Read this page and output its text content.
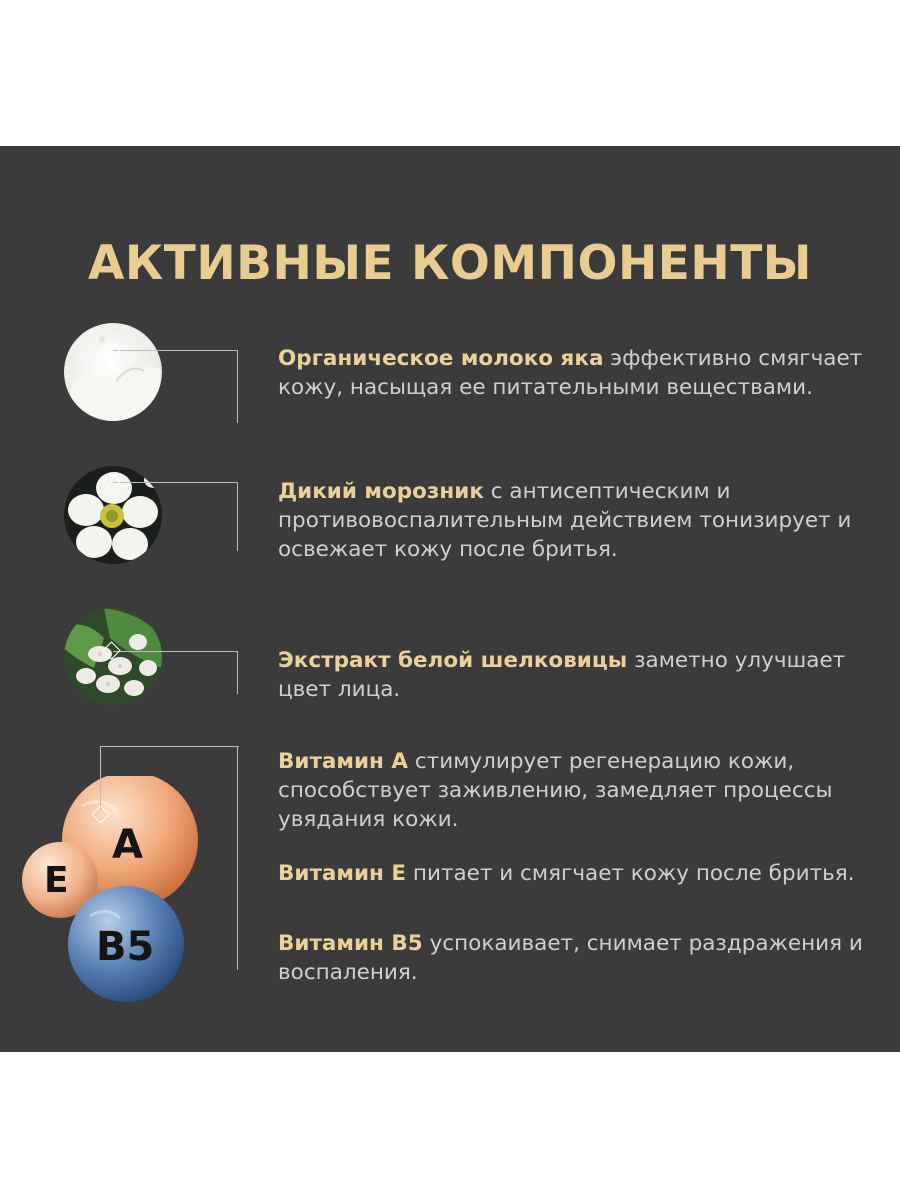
АКТИВНЫЕ КОМПОНЕНТЫ
Органическое молоко яка эффективно смягчает кожу, насыщая ее питательными веществами.
Дикий морозник с антисептическим и противовоспалительным действием тонизирует и освежает кожу после бритья.
Экстракт белой шелковицы заметно улучшает цвет лица.
A
E
B5
Витамин А стимулирует регенерацию кожи, способствует заживлению, замедляет процессы увядания кожи.
Витамин Е питает и смягчает кожу после бритья.
Витамин В5 успокаивает, снимает раздражения и воспаления.
